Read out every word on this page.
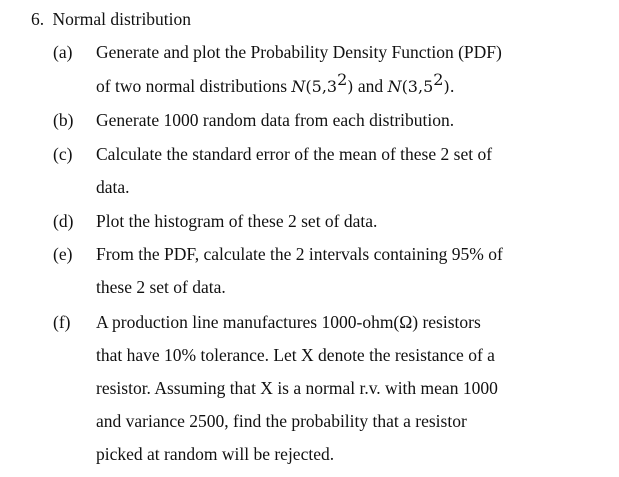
6. Normal distribution
(a) Generate and plot the Probability Density Function (PDF)
of two normal distributions $N(5,3^2)$ and $N(3,5^2)$.
(b) Generate 1000 random data from each distribution.
(c) Calculate the standard error of the mean of these 2 set of
data.
(d) Plot the histogram of these 2 set of data.
(e) From the PDF, calculate the 2 intervals containing 95% of
these 2 set of data.
(f) A production line manufactures 1000-ohm(Ω) resistors
that have 10% tolerance. Let X denote the resistance of a
resistor. Assuming that X is a normal r.v. with mean 1000
and variance 2500, find the probability that a resistor
picked at random will be rejected.
